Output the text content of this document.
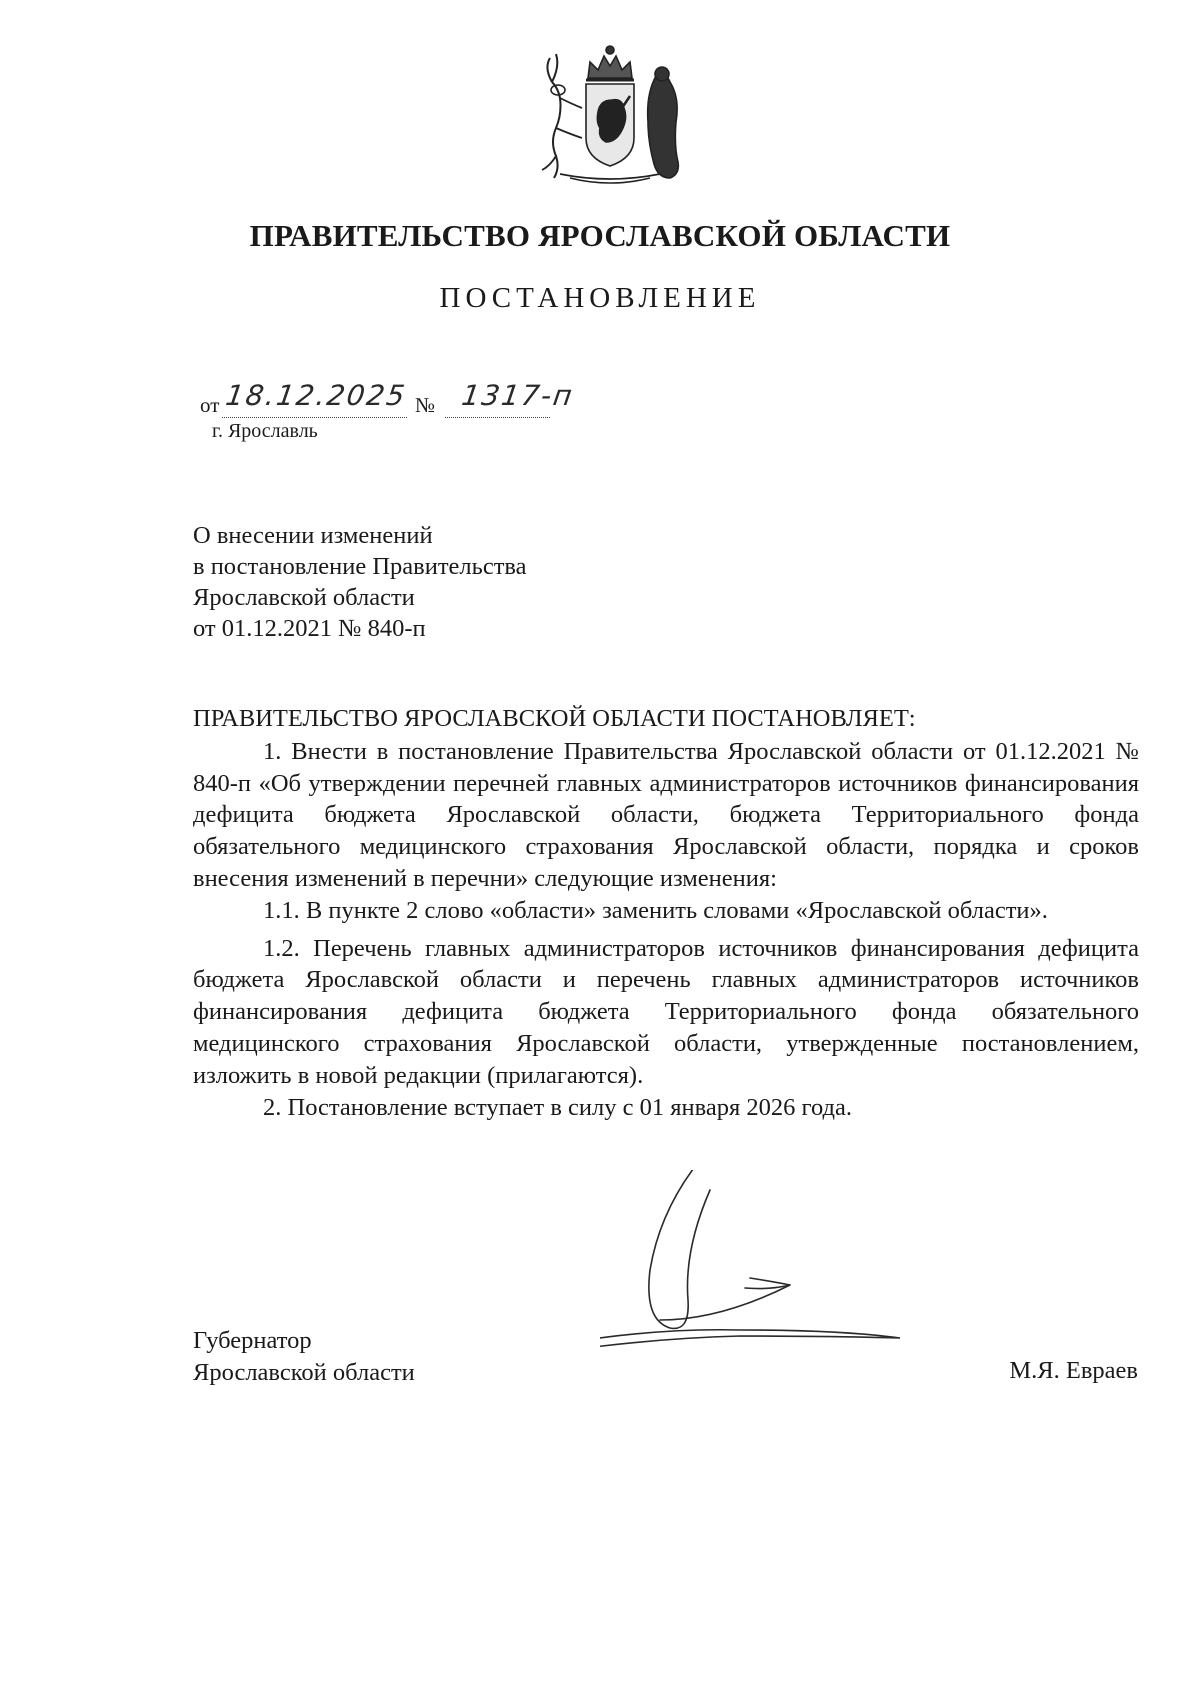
ПРАВИТЕЛЬСТВО ЯРОСЛАВСКОЙ ОБЛАСТИ
ПОСТАНОВЛЕНИЕ
от 18.12.2025 № 1317-п
г. Ярославль
О внесении изменений
в постановление Правительства
Ярославской области
от 01.12.2021 № 840-п
ПРАВИТЕЛЬСТВО ЯРОСЛАВСКОЙ ОБЛАСТИ ПОСТАНОВЛЯЕТ:

1. Внести в постановление Правительства Ярославской области от 01.12.2021 № 840-п «Об утверждении перечней главных администраторов источников финансирования дефицита бюджета Ярославской области, бюджета Территориального фонда обязательного медицинского страхования Ярославской области, порядка и сроков внесения изменений в перечни» следующие изменения:

1.1. В пункте 2 слово «области» заменить словами «Ярославской области».

1.2. Перечень главных администраторов источников финансирования дефицита бюджета Ярославской области и перечень главных администраторов источников финансирования дефицита бюджета Территориального фонда обязательного медицинского страхования Ярославской области, утвержденные постановлением, изложить в новой редакции (прилагаются).

2. Постановление вступает в силу с 01 января 2026 года.

Губернатор
Ярославской области	М.Я. Евраев
